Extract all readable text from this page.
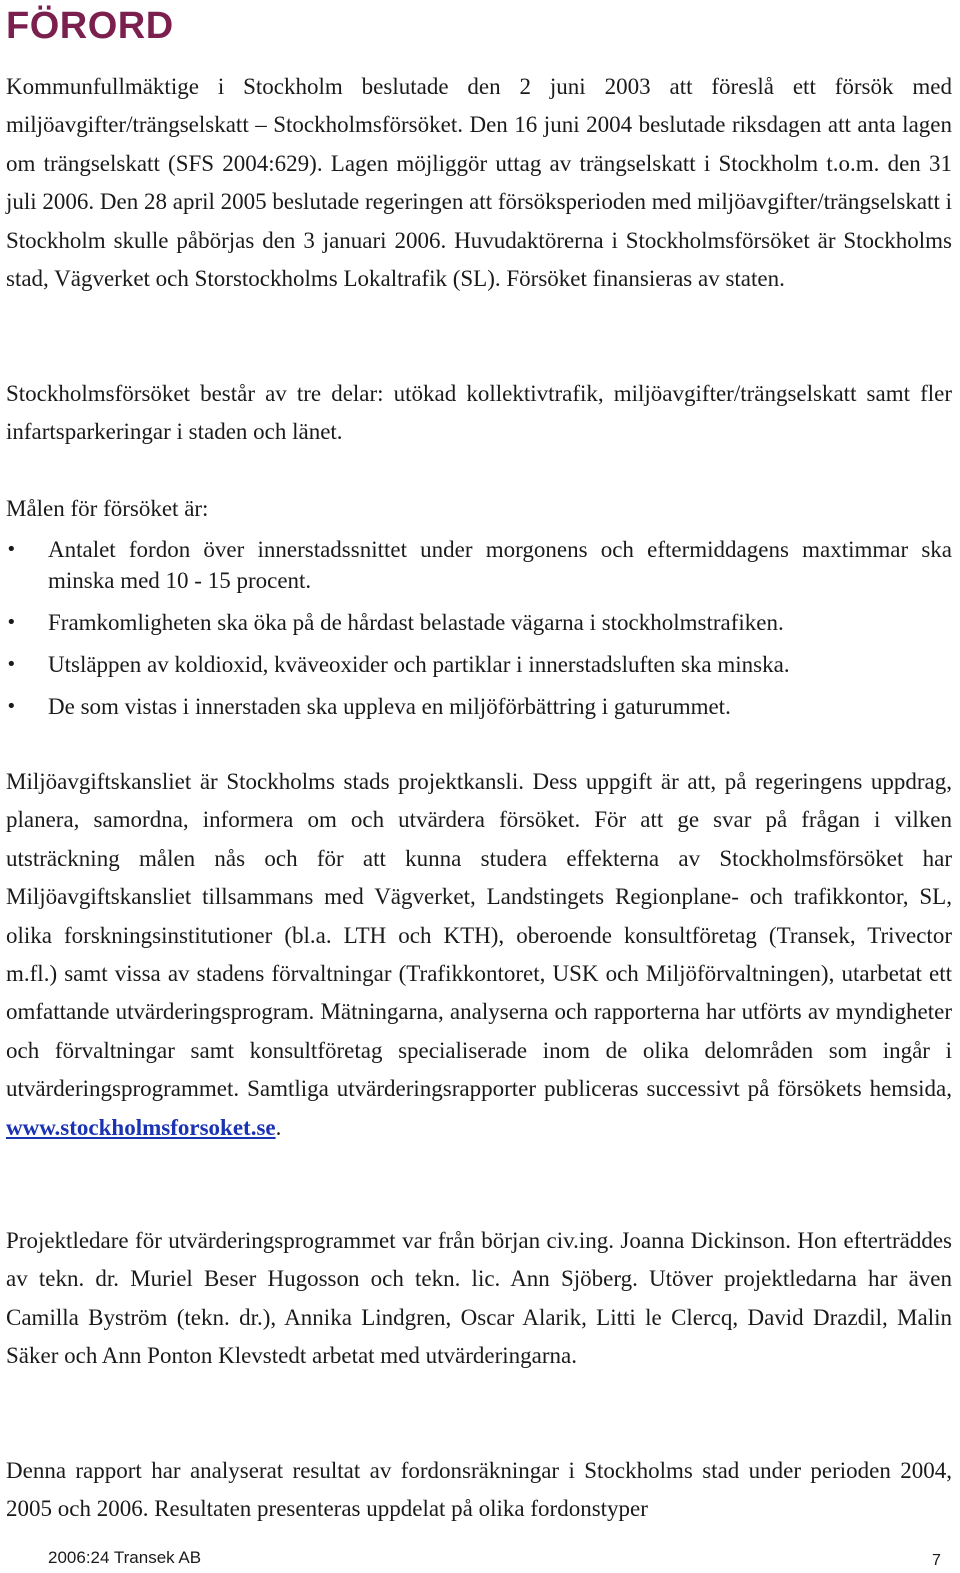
FÖRORD

Kommunfullmäktige i Stockholm beslutade den 2 juni 2003 att föreslå ett försök med miljöavgifter/trängselskatt – Stockholmsförsöket. Den 16 juni 2004 beslutade riksdagen att anta lagen om trängselskatt (SFS 2004:629). Lagen möjliggör uttag av trängselskatt i Stockholm t.o.m. den 31 juli 2006. Den 28 april 2005 beslutade regeringen att försöksperioden med miljöavgifter/trängselskatt i Stockholm skulle påbörjas den 3 januari 2006. Huvudaktörerna i Stockholmsförsöket är Stockholms stad, Vägverket och Storstockholms Lokaltrafik (SL). Försöket finansieras av staten.

Stockholmsförsöket består av tre delar: utökad kollektivtrafik, miljöavgifter/trängselskatt samt fler infartsparkeringar i staden och länet.

Målen för försöket är:

•	Antalet fordon över innerstadssnittet under morgonens och eftermiddagens maxtimmar ska minska med 10 - 15 procent.
•	Framkomligheten ska öka på de hårdast belastade vägarna i stockholmstrafiken.
•	Utsläppen av koldioxid, kväveoxider och partiklar i innerstadsluften ska minska.
•	De som vistas i innerstaden ska uppleva en miljöförbättring i gaturummet.

Miljöavgiftskansliet är Stockholms stads projektkansli. Dess uppgift är att, på regeringens uppdrag, planera, samordna, informera om och utvärdera försöket. För att ge svar på frågan i vilken utsträckning målen nås och för att kunna studera effekterna av Stockholmsförsöket har Miljöavgiftskansliet tillsammans med Vägverket, Landstingets Regionplane- och trafikkontor, SL, olika forskningsinstitutioner (bl.a. LTH och KTH), oberoende konsultföretag (Transek, Trivector m.fl.) samt vissa av stadens förvaltningar (Trafikkontoret, USK och Miljöförvaltningen), utarbetat ett omfattande utvärderingsprogram. Mätningarna, analyserna och rapporterna har utförts av myndigheter och förvaltningar samt konsultföretag specialiserade inom de olika delområden som ingår i utvärderingsprogrammet. Samtliga utvärderingsrapporter publiceras successivt på försökets hemsida, www.stockholmsforsoket.se.

Projektledare för utvärderingsprogrammet var från början civ.ing. Joanna Dickinson. Hon efterträddes av tekn. dr. Muriel Beser Hugosson och tekn. lic. Ann Sjöberg. Utöver projektledarna har även Camilla Byström (tekn. dr.), Annika Lindgren, Oscar Alarik, Litti le Clercq, David Drazdil, Malin Säker och Ann Ponton Klevstedt arbetat med utvärderingarna.

Denna rapport har analyserat resultat av fordonsräkningar i Stockholms stad under perioden 2004, 2005 och 2006. Resultaten presenteras uppdelat på olika fordonstyper

2006:24 Transek AB	7
